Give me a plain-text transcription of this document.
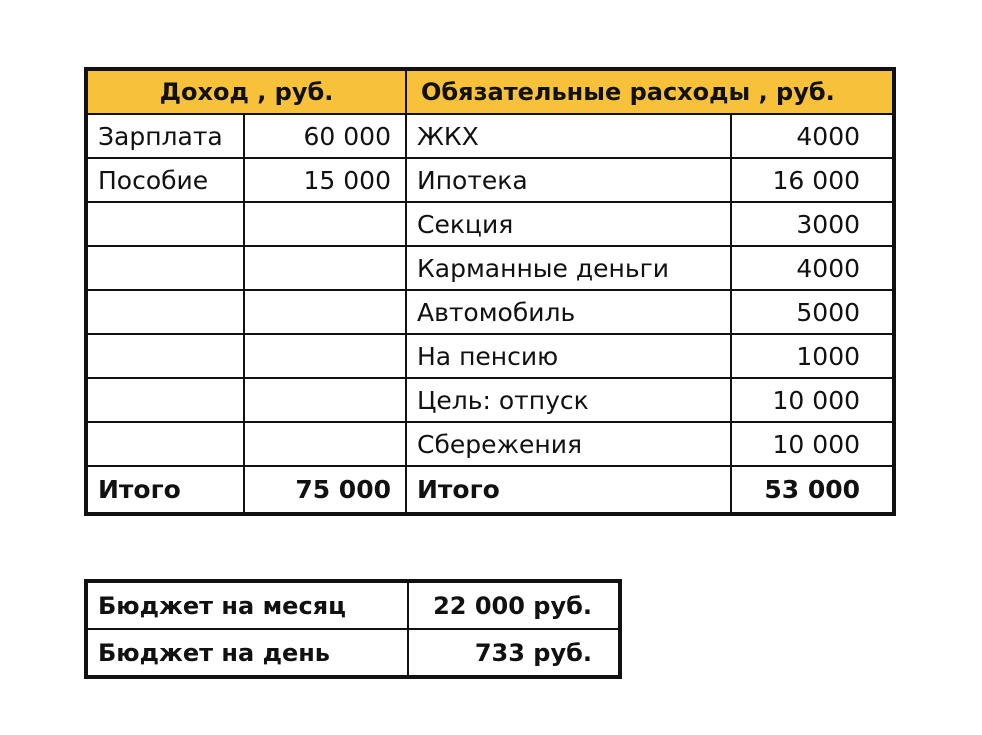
Доход , руб.		Обязательные расходы , руб.	
Зарплата	60 000	ЖКХ	4000
Пособие	15 000	Ипотека	16 000
		Секция	3000
		Карманные деньги	4000
		Автомобиль	5000
		На пенсию	1000
		Цель: отпуск	10 000
		Сбережения	10 000
Итого	75 000	Итого	53 000
Бюджет на месяц	22 000 руб.
Бюджет на день	733 руб.
